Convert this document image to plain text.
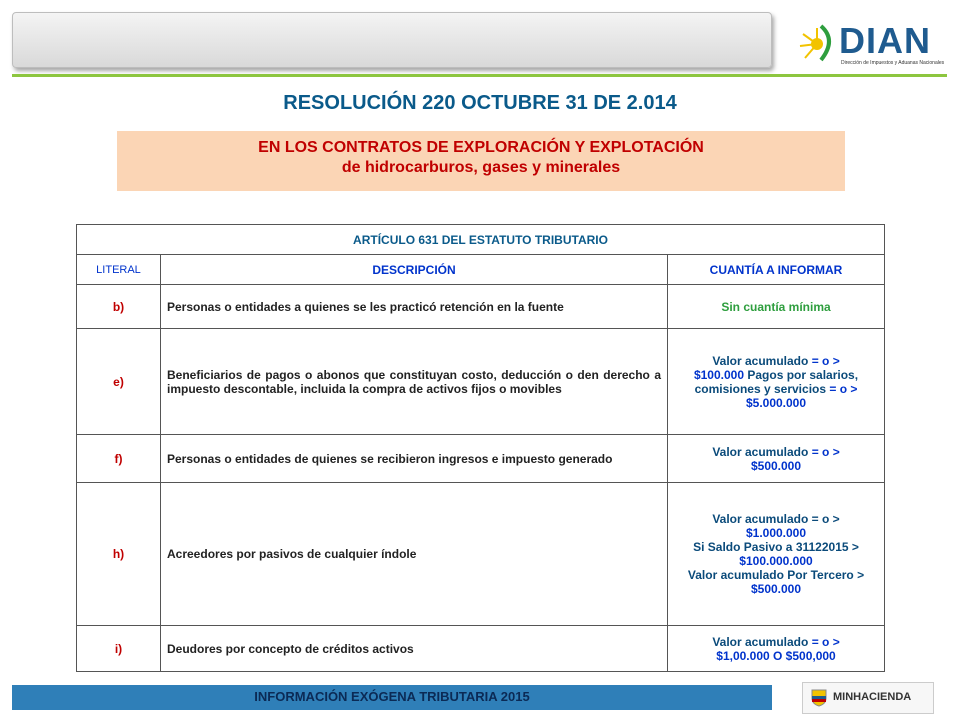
DIAN
Dirección de Impuestos y Aduanas Nacionales
RESOLUCIÓN 220 OCTUBRE 31 DE 2.014
EN LOS CONTRATOS DE EXPLORACIÓN Y EXPLOTACIÓN
de hidrocarburos, gases y minerales
ARTÍCULO 631 DEL ESTATUTO TRIBUTARIO		
LITERAL	DESCRIPCIÓN	CUANTÍA A INFORMAR
b)	Personas o entidades a quienes se les practicó retención en la fuente	Sin cuantía mínima
e)	Beneficiarios de pagos o abonos que constituyan costo, deducción o den derecho a impuesto descontable, incluida la compra de activos fijos o movibles	Valor acumulado = o >
$100.000 Pagos por salarios, comisiones y servicios = o > $5.000.000
f)	Personas o entidades de quienes se recibieron ingresos e impuesto generado	Valor acumulado = o >
$500.000
h)	Acreedores por pasivos de cualquier índole	Valor acumulado = o >
$1.000.000
Si Saldo Pasivo a 31122015 >
$100.000.000
Valor acumulado Por Tercero > $500.000
i)	Deudores por concepto de créditos activos	Valor acumulado = o >
$1,00.000 O $500,000
INFORMACIÓN EXÓGENA TRIBUTARIA 2015	MINHACIENDA
